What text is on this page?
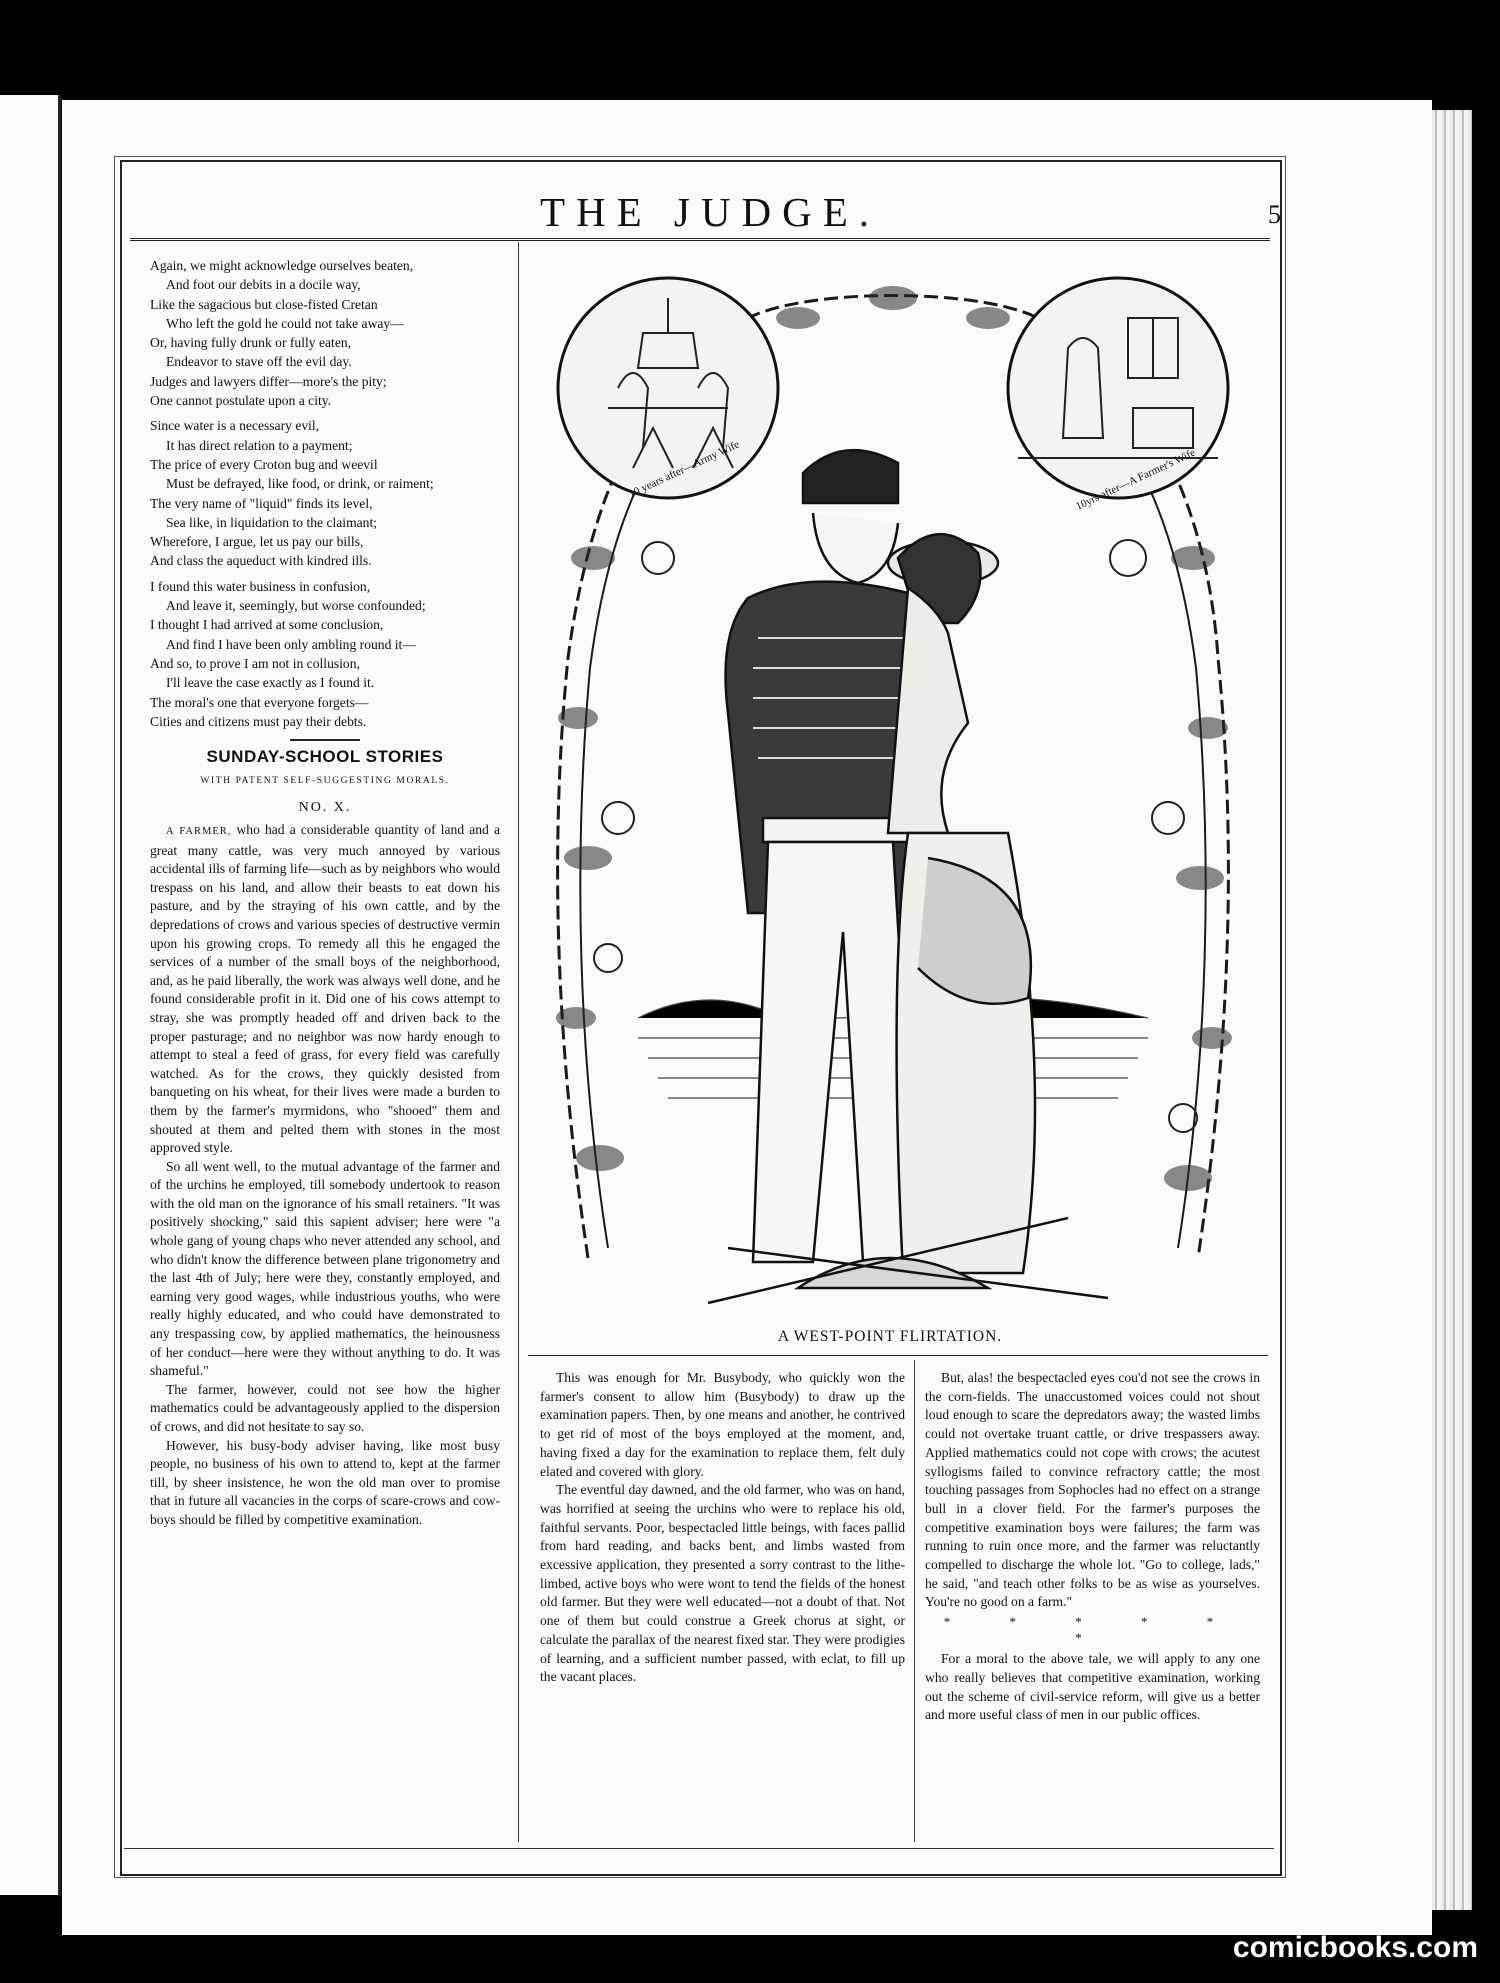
THE JUDGE.	5
Again, we might acknowledge ourselves beaten,
And foot our debits in a docile way,
Like the sagacious but close-fisted Cretan
Who left the gold he could not take away—
Or, having fully drunk or fully eaten,
Endeavor to stave off the evil day.
Judges and lawyers differ—more's the pity;
One cannot postulate upon a city.
Since water is a necessary evil,
It has direct relation to a payment;
The price of every Croton bug and weevil
Must be defrayed, like food, or drink, or raiment;
The very name of "liquid" finds its level,
Sea like, in liquidation to the claimant;
Wherefore, I argue, let us pay our bills,
And class the aqueduct with kindred ills.
I found this water business in confusion,
And leave it, seemingly, but worse confounded;
I thought I had arrived at some conclusion,
And find I have been only ambling round it—
And so, to prove I am not in collusion,
I'll leave the case exactly as I found it.
The moral's one that everyone forgets—
Cities and citizens must pay their debts.
SUNDAY-SCHOOL STORIES
WITH PATENT SELF-SUGGESTING MORALS.
NO. X.

A FARMER, who had a considerable quantity of land and a great many cattle, was very much annoyed by various accidental ills of farming life—such as by neighbors who would trespass on his land, and allow their beasts to eat down his pasture, and by the straying of his own cattle, and by the depredations of crows and various species of destructive vermin upon his growing crops. To remedy all this he engaged the services of a number of the small boys of the neighborhood, and, as he paid liberally, the work was always well done, and he found considerable profit in it. Did one of his cows attempt to stray, she was promptly headed off and driven back to the proper pasturage; and no neighbor was now hardy enough to attempt to steal a feed of grass, for every field was carefully watched. As for the crows, they quickly desisted from banqueting on his wheat, for their lives were made a burden to them by the farmer's myrmidons, who "shooed" them and shouted at them and pelted them with stones in the most approved style.

So all went well, to the mutual advantage of the farmer and of the urchins he employed, till somebody undertook to reason with the old man on the ignorance of his small retainers. "It was positively shocking," said this sapient adviser; here were "a whole gang of young chaps who never attended any school, and who didn't know the difference between plane trigonometry and the last 4th of July; here were they, constantly employed, and earning very good wages, while industrious youths, who were really highly educated, and who could have demonstrated to any trespassing cow, by applied mathematics, the heinousness of her conduct—here were they without anything to do. It was shameful."

The farmer, however, could not see how the higher mathematics could be advantageously applied to the dispersion of crows, and did not hesitate to say so.

However, his busy-body adviser having, like most busy people, no business of his own to attend to, kept at the farmer till, by sheer insistence, he won the old man over to promise that in future all vacancies in the corps of scare-crows and cow-boys should be filled by competitive examination.

10 years after—Army Wife	10yrs after—A Farmer's Wife
A WEST-POINT FLIRTATION.

This was enough for Mr. Busybody, who quickly won the farmer's consent to allow him (Busybody) to draw up the examination papers. Then, by one means and another, he contrived to get rid of most of the boys employed at the moment, and, having fixed a day for the examination to replace them, felt duly elated and covered with glory.

The eventful day dawned, and the old farmer, who was on hand, was horrified at seeing the urchins who were to replace his old, faithful servants. Poor, bespectacled little beings, with faces pallid from hard reading, and backs bent, and limbs wasted from excessive application, they presented a sorry contrast to the lithe-limbed, active boys who were wont to tend the fields of the honest old farmer. But they were well educated—not a doubt of that. Not one of them but could construe a Greek chorus at sight, or calculate the parallax of the nearest fixed star. They were prodigies of learning, and a sufficient number passed, with eclat, to fill up the vacant places.

But, alas! the bespectacled eyes cou'd not see the crows in the corn-fields. The unaccustomed voices could not shout loud enough to scare the depredators away; the wasted limbs could not overtake truant cattle, or drive trespassers away. Applied mathematics could not cope with crows; the acutest syllogisms failed to convince refractory cattle; the most touching passages from Sophocles had no effect on a strange bull in a clover field. For the farmer's purposes the competitive examination boys were failures; the farm was running to ruin once more, and the farmer was reluctantly compelled to discharge the whole lot. "Go to college, lads," he said, "and teach other folks to be as wise as yourselves. You're no good on a farm."

* * * * * *

For a moral to the above tale, we will apply to any one who really believes that competitive examination, working out the scheme of civil-service reform, will give us a better and more useful class of men in our public offices.

comicbooks.com
